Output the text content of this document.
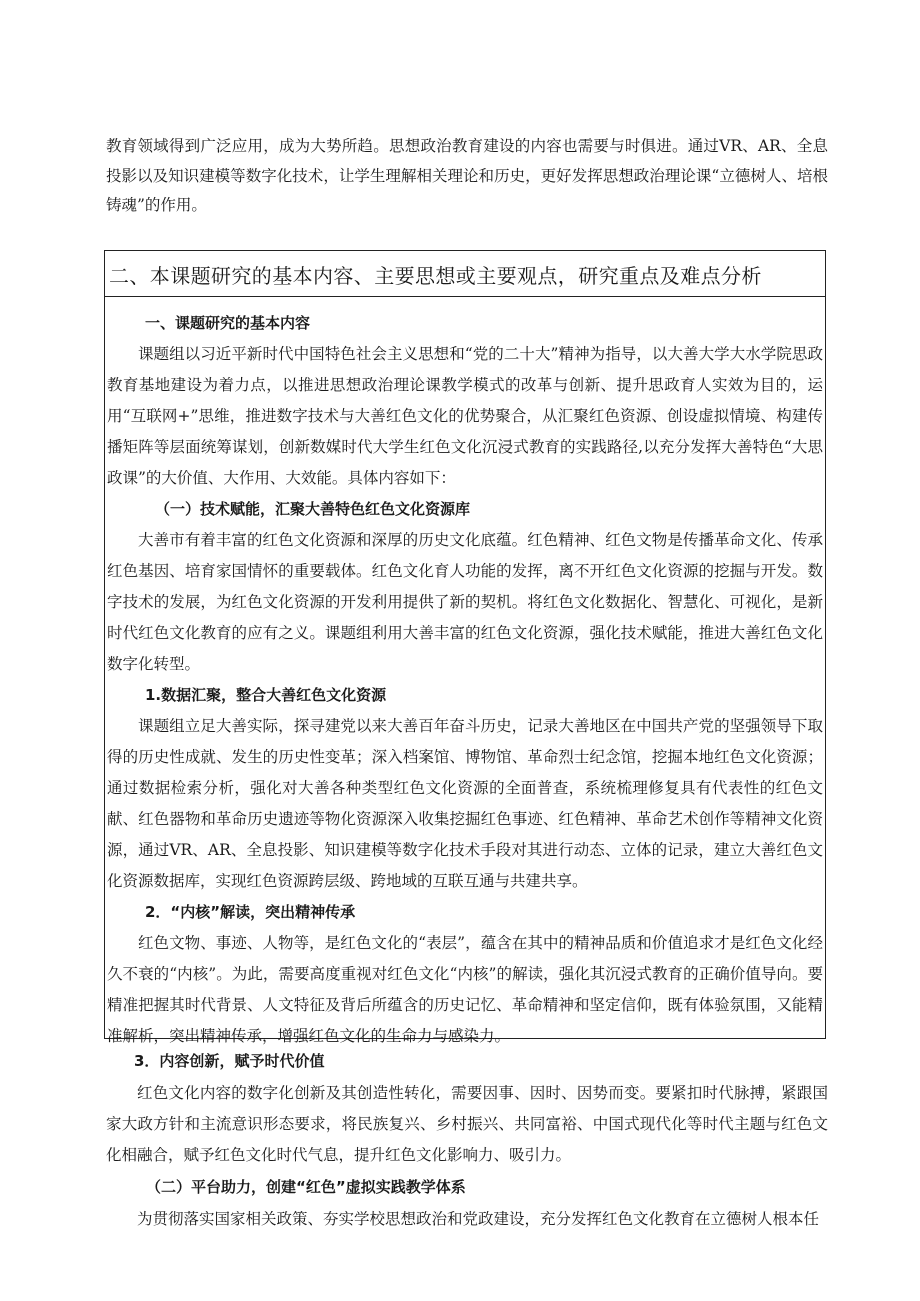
教育领域得到广泛应用，成为大势所趋。思想政治教育建设的内容也需要与时俱进。通过VR、AR、全息投影以及知识建模等数字化技术，让学生理解相关理论和历史，更好发挥思想政治理论课“立德树人、培根铸魂”的作用。

二、本课题研究的基本内容、主要思想或主要观点，研究重点及难点分析
一、课题研究的基本内容

课题组以习近平新时代中国特色社会主义思想和“党的二十大”精神为指导，以大善大学大水学院思政教育基地建设为着力点，以推进思想政治理论课教学模式的改革与创新、提升思政育人实效为目的，运用“互联网+”思维，推进数字技术与大善红色文化的优势聚合，从汇聚红色资源、创设虚拟情境、构建传播矩阵等层面统筹谋划，创新数媒时代大学生红色文化沉浸式教育的实践路径,以充分发挥大善特色“大思政课”的大价值、大作用、大效能。具体内容如下：

（一）技术赋能，汇聚大善特色红色文化资源库

大善市有着丰富的红色文化资源和深厚的历史文化底蕴。红色精神、红色文物是传播革命文化、传承红色基因、培育家国情怀的重要载体。红色文化育人功能的发挥，离不开红色文化资源的挖掘与开发。数字技术的发展，为红色文化资源的开发利用提供了新的契机。将红色文化数据化、智慧化、可视化，是新时代红色文化教育的应有之义。课题组利用大善丰富的红色文化资源，强化技术赋能，推进大善红色文化数字化转型。

1.数据汇聚，整合大善红色文化资源

课题组立足大善实际，探寻建党以来大善百年奋斗历史，记录大善地区在中国共产党的坚强领导下取得的历史性成就、发生的历史性变革；深入档案馆、博物馆、革命烈士纪念馆，挖掘本地红色文化资源；通过数据检索分析，强化对大善各种类型红色文化资源的全面普查，系统梳理修复具有代表性的红色文献、红色器物和革命历史遗迹等物化资源深入收集挖掘红色事迹、红色精神、革命艺术创作等精神文化资源，通过VR、AR、全息投影、知识建模等数字化技术手段对其进行动态、立体的记录，建立大善红色文化资源数据库，实现红色资源跨层级、跨地域的互联互通与共建共享。

2．“内核”解读，突出精神传承

红色文物、事迹、人物等，是红色文化的“表层”，蕴含在其中的精神品质和价值追求才是红色文化经久不衰的“内核”。为此，需要高度重视对红色文化“内核”的解读，强化其沉浸式教育的正确价值导向。要精准把握其时代背景、人文特征及背后所蕴含的历史记忆、革命精神和坚定信仰，既有体验氛围，又能精准解析，突出精神传承，增强红色文化的生命力与感染力。

3．内容创新，赋予时代价值

红色文化内容的数字化创新及其创造性转化，需要因事、因时、因势而变。要紧扣时代脉搏，紧跟国家大政方针和主流意识形态要求，将民族复兴、乡村振兴、共同富裕、中国式现代化等时代主题与红色文化相融合，赋予红色文化时代气息，提升红色文化影响力、吸引力。

（二）平台助力，创建“红色”虚拟实践教学体系

为贯彻落实国家相关政策、夯实学校思想政治和党政建设，充分发挥红色文化教育在立德树人根本任
